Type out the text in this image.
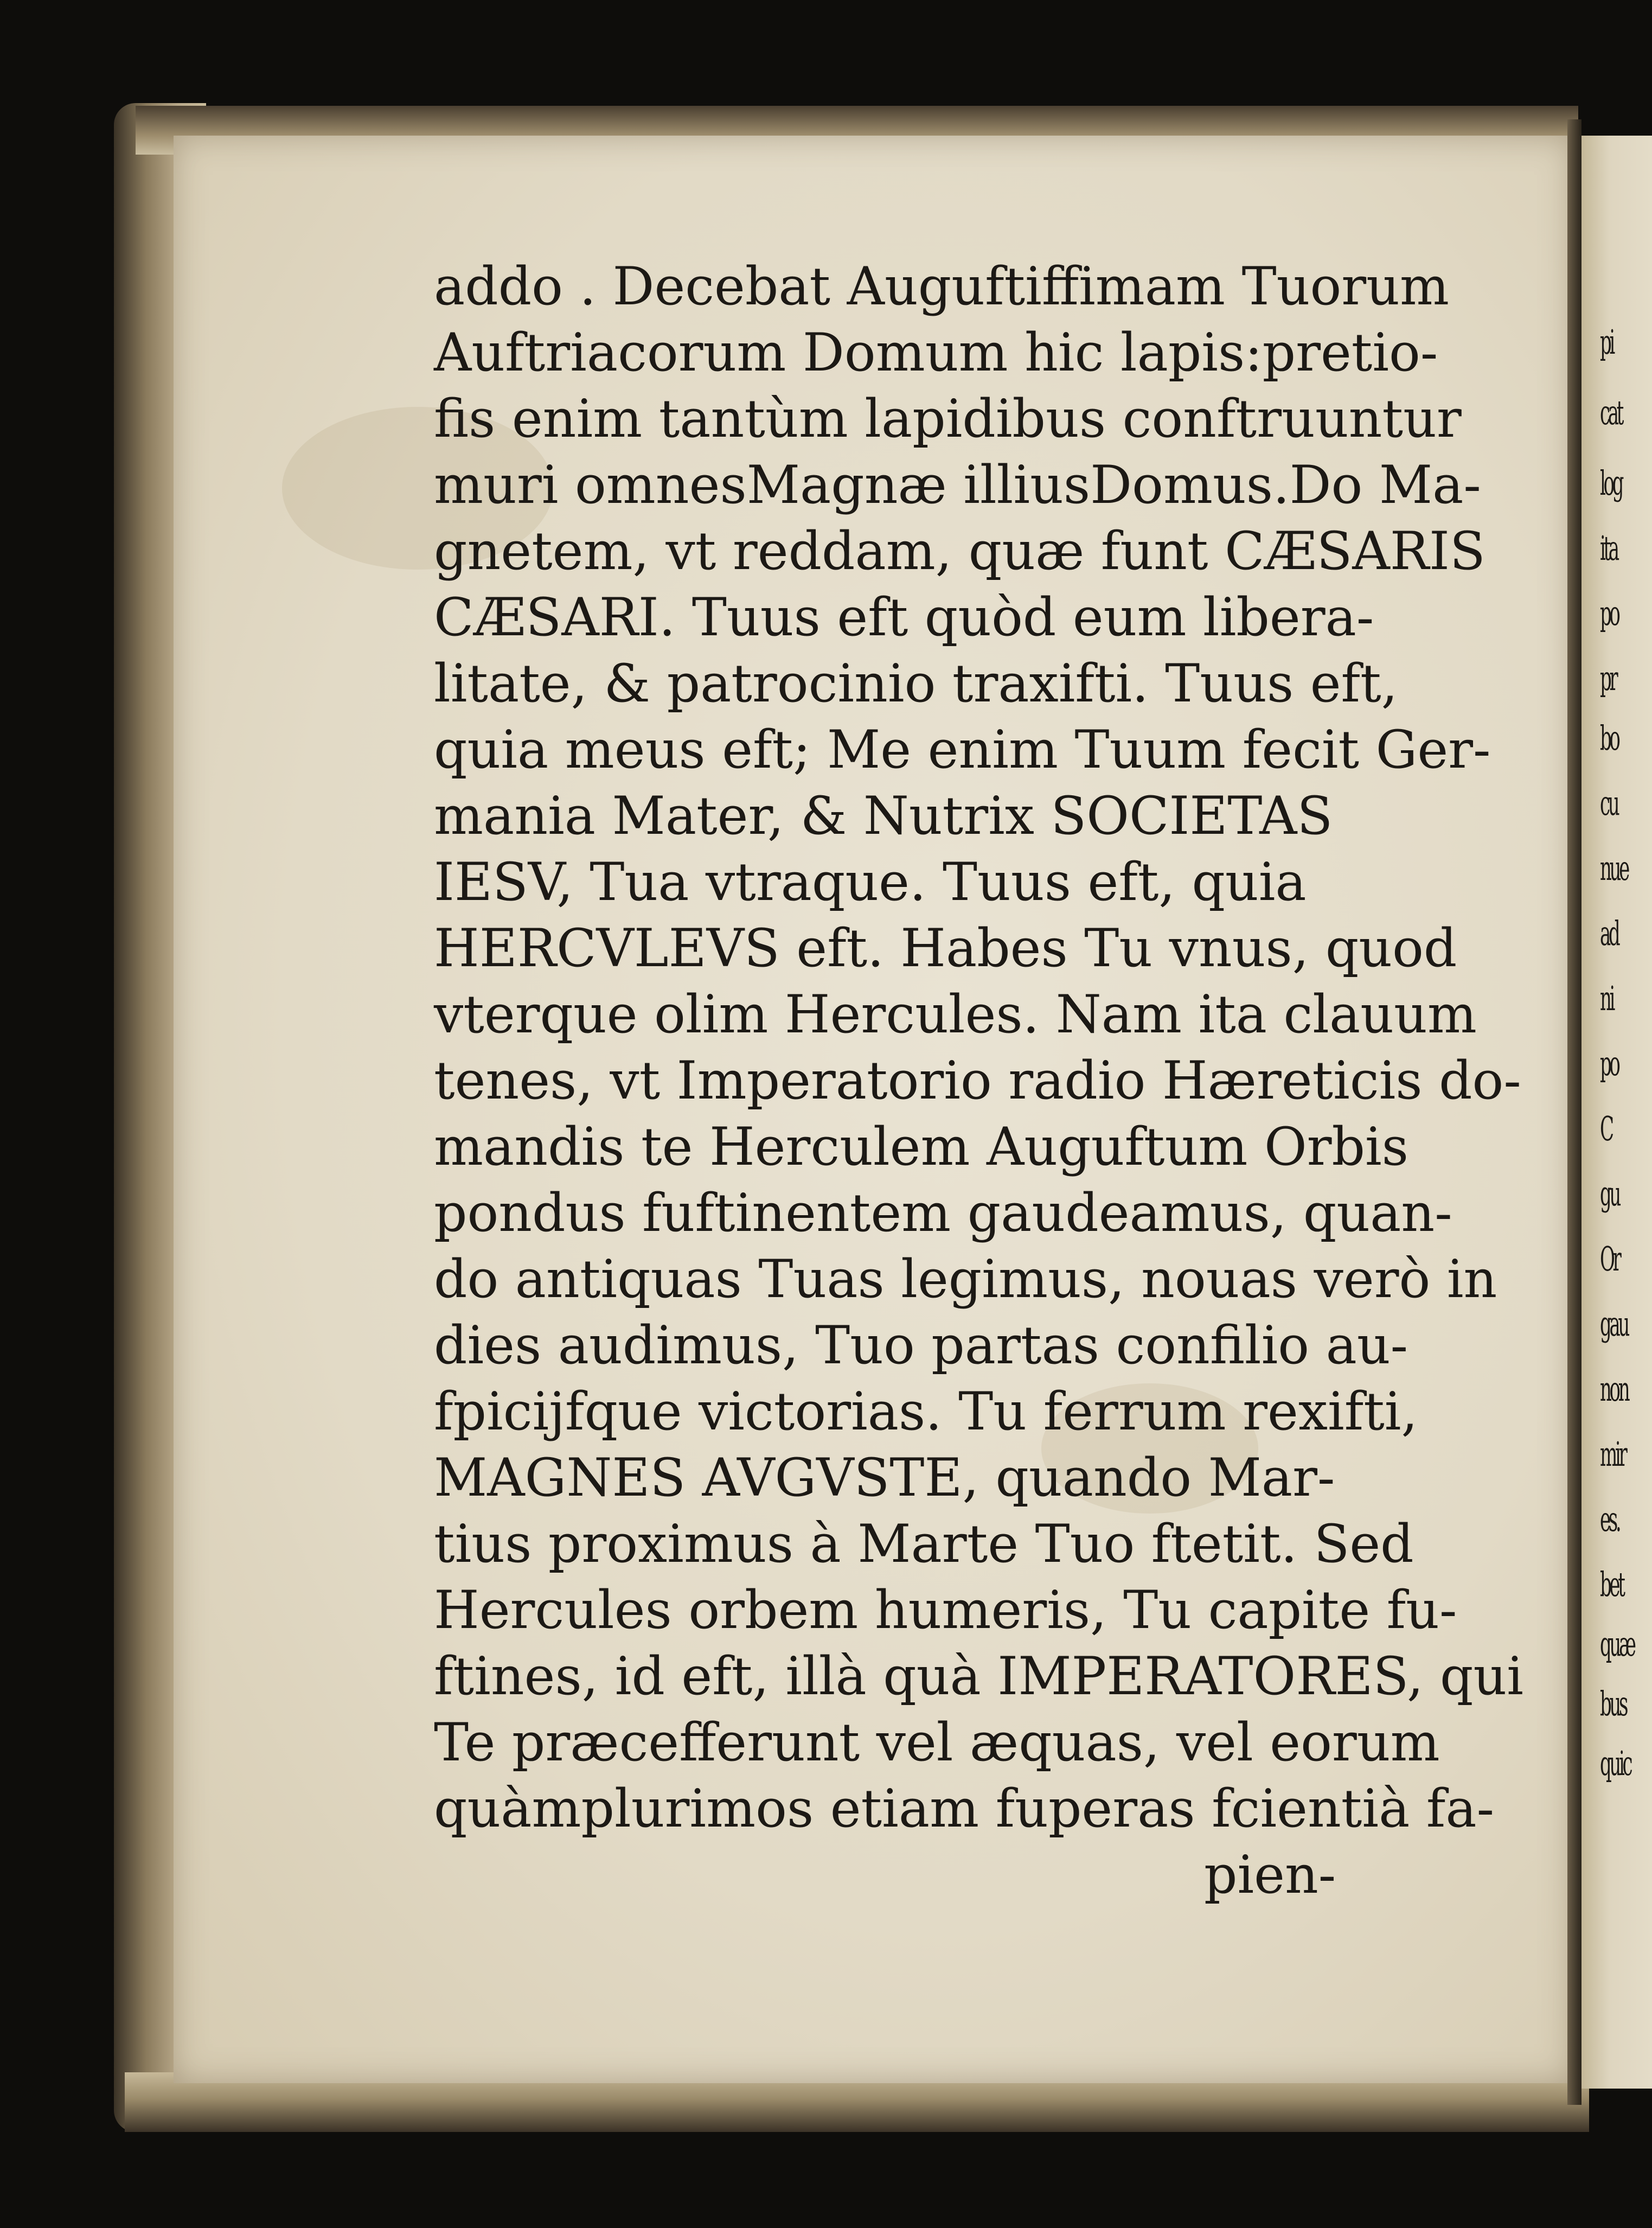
addo . Decebat Auguftiffimam Tuorum
Auftriacorum Domum hic lapis:pretio-
fis enim tantùm lapidibus conftruuntur
muri omnesMagnæ illiusDomus.Do Ma-
gnetem, vt reddam, quæ funt CÆSARIS
CÆSARI. Tuus eft quòd eum libera-
litate, & patrocinio traxifti. Tuus eft,
quia meus eft; Me enim Tuum fecit Ger-
mania Mater, & Nutrix SOCIETAS
IESV, Tua vtraque. Tuus eft, quia
HERCVLEVS eft. Habes Tu vnus, quod
vterque olim Hercules. Nam ita clauum
tenes, vt Imperatorio radio Hæreticis do-
mandis te Herculem Auguftum Orbis
pondus fuftinentem gaudeamus, quan-
do antiquas Tuas legimus, nouas verò in
dies audimus, Tuo partas confilio au-
fpicijfque victorias. Tu ferrum rexifti,
MAGNES AVGVSTE, quando Mar-
tius proximus à Marte Tuo ftetit. Sed
Hercules orbem humeris, Tu capite fu-
ftines, id eft, illà quà IMPERATORES, qui
Te præcefferunt vel æquas, vel eorum
quàmplurimos etiam fuperas fcientià fa-
pien-
pi
cat
log
ita
po
pr
bo
cu
nue
ad
ni
po
C
gu
Or
gau
non
mir
es.
bet
quæ
bus
quic
